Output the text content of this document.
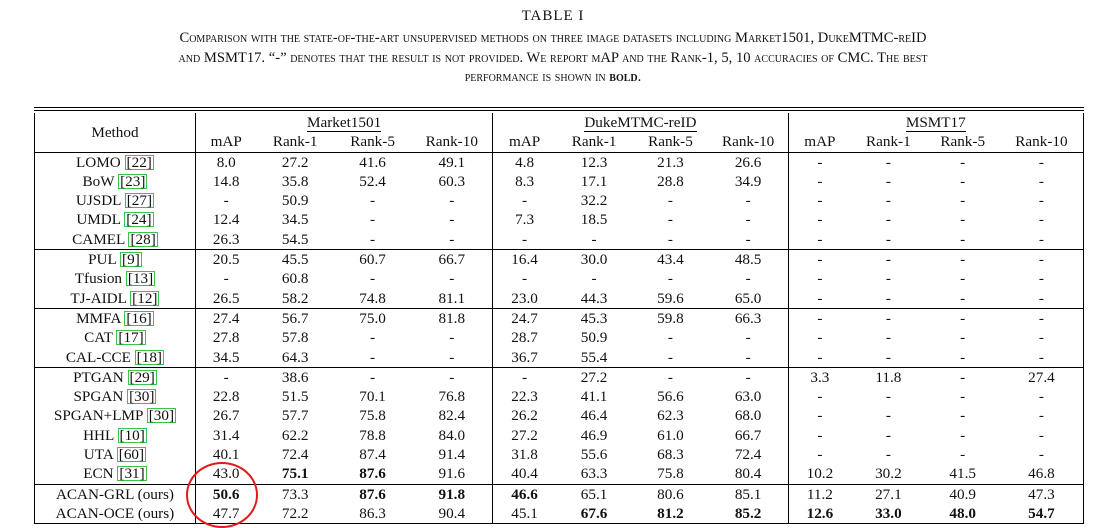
TABLE I
Comparison with the state-of-the-art unsupervised methods on three image datasets including Market1501, DukeMTMC-reID
and MSMT17. “-” denotes that the result is not provided. We report mAP and the Rank-1, 5, 10 accuracies of CMC. The best
performance is shown in bold.
Method	Market1501				DukeMTMC-reID				MSMT17			
	mAP	Rank-1	Rank-5	Rank-10	mAP	Rank-1	Rank-5	Rank-10	mAP	Rank-1	Rank-5	Rank-10
LOMO [22]	8.0	27.2	41.6	49.1	4.8	12.3	21.3	26.6	-	-	-	-
BoW [23]	14.8	35.8	52.4	60.3	8.3	17.1	28.8	34.9	-	-	-	-
UJSDL [27]	-	50.9	-	-	-	32.2	-	-	-	-	-	-
UMDL [24]	12.4	34.5	-	-	7.3	18.5	-	-	-	-	-	-
CAMEL [28]	26.3	54.5	-	-	-	-	-	-	-	-	-	-
PUL [9]	20.5	45.5	60.7	66.7	16.4	30.0	43.4	48.5	-	-	-	-
Tfusion [13]	-	60.8	-	-	-	-	-	-	-	-	-	-
TJ-AIDL [12]	26.5	58.2	74.8	81.1	23.0	44.3	59.6	65.0	-	-	-	-
MMFA [16]	27.4	56.7	75.0	81.8	24.7	45.3	59.8	66.3	-	-	-	-
CAT [17]	27.8	57.8	-	-	28.7	50.9	-	-	-	-	-	-
CAL-CCE [18]	34.5	64.3	-	-	36.7	55.4	-	-	-	-	-	-
PTGAN [29]	-	38.6	-	-	-	27.2	-	-	3.3	11.8	-	27.4
SPGAN [30]	22.8	51.5	70.1	76.8	22.3	41.1	56.6	63.0	-	-	-	-
SPGAN+LMP [30]	26.7	57.7	75.8	82.4	26.2	46.4	62.3	68.0	-	-	-	-
HHL [10]	31.4	62.2	78.8	84.0	27.2	46.9	61.0	66.7	-	-	-	-
UTA [60]	40.1	72.4	87.4	91.4	31.8	55.6	68.3	72.4	-	-	-	-
ECN [31]	43.0	75.1	87.6	91.6	40.4	63.3	75.8	80.4	10.2	30.2	41.5	46.8
ACAN-GRL (ours)	50.6	73.3	87.6	91.8	46.6	65.1	80.6	85.1	11.2	27.1	40.9	47.3
ACAN-OCE (ours)	47.7	72.2	86.3	90.4	45.1	67.6	81.2	85.2	12.6	33.0	48.0	54.7
